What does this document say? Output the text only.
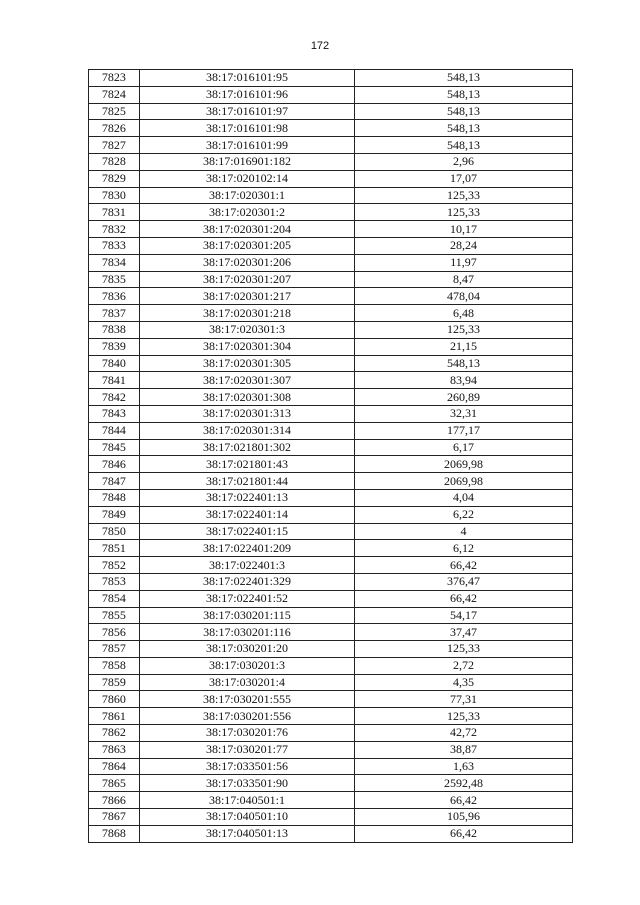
172
7823	38:17:016101:95	548,13
7824	38:17:016101:96	548,13
7825	38:17:016101:97	548,13
7826	38:17:016101:98	548,13
7827	38:17:016101:99	548,13
7828	38:17:016901:182	2,96
7829	38:17:020102:14	17,07
7830	38:17:020301:1	125,33
7831	38:17:020301:2	125,33
7832	38:17:020301:204	10,17
7833	38:17:020301:205	28,24
7834	38:17:020301:206	11,97
7835	38:17:020301:207	8,47
7836	38:17:020301:217	478,04
7837	38:17:020301:218	6,48
7838	38:17:020301:3	125,33
7839	38:17:020301:304	21,15
7840	38:17:020301:305	548,13
7841	38:17:020301:307	83,94
7842	38:17:020301:308	260,89
7843	38:17:020301:313	32,31
7844	38:17:020301:314	177,17
7845	38:17:021801:302	6,17
7846	38:17:021801:43	2069,98
7847	38:17:021801:44	2069,98
7848	38:17:022401:13	4,04
7849	38:17:022401:14	6,22
7850	38:17:022401:15	4
7851	38:17:022401:209	6,12
7852	38:17:022401:3	66,42
7853	38:17:022401:329	376,47
7854	38:17:022401:52	66,42
7855	38:17:030201:115	54,17
7856	38:17:030201:116	37,47
7857	38:17:030201:20	125,33
7858	38:17:030201:3	2,72
7859	38:17:030201:4	4,35
7860	38:17:030201:555	77,31
7861	38:17:030201:556	125,33
7862	38:17:030201:76	42,72
7863	38:17:030201:77	38,87
7864	38:17:033501:56	1,63
7865	38:17:033501:90	2592,48
7866	38:17:040501:1	66,42
7867	38:17:040501:10	105,96
7868	38:17:040501:13	66,42
